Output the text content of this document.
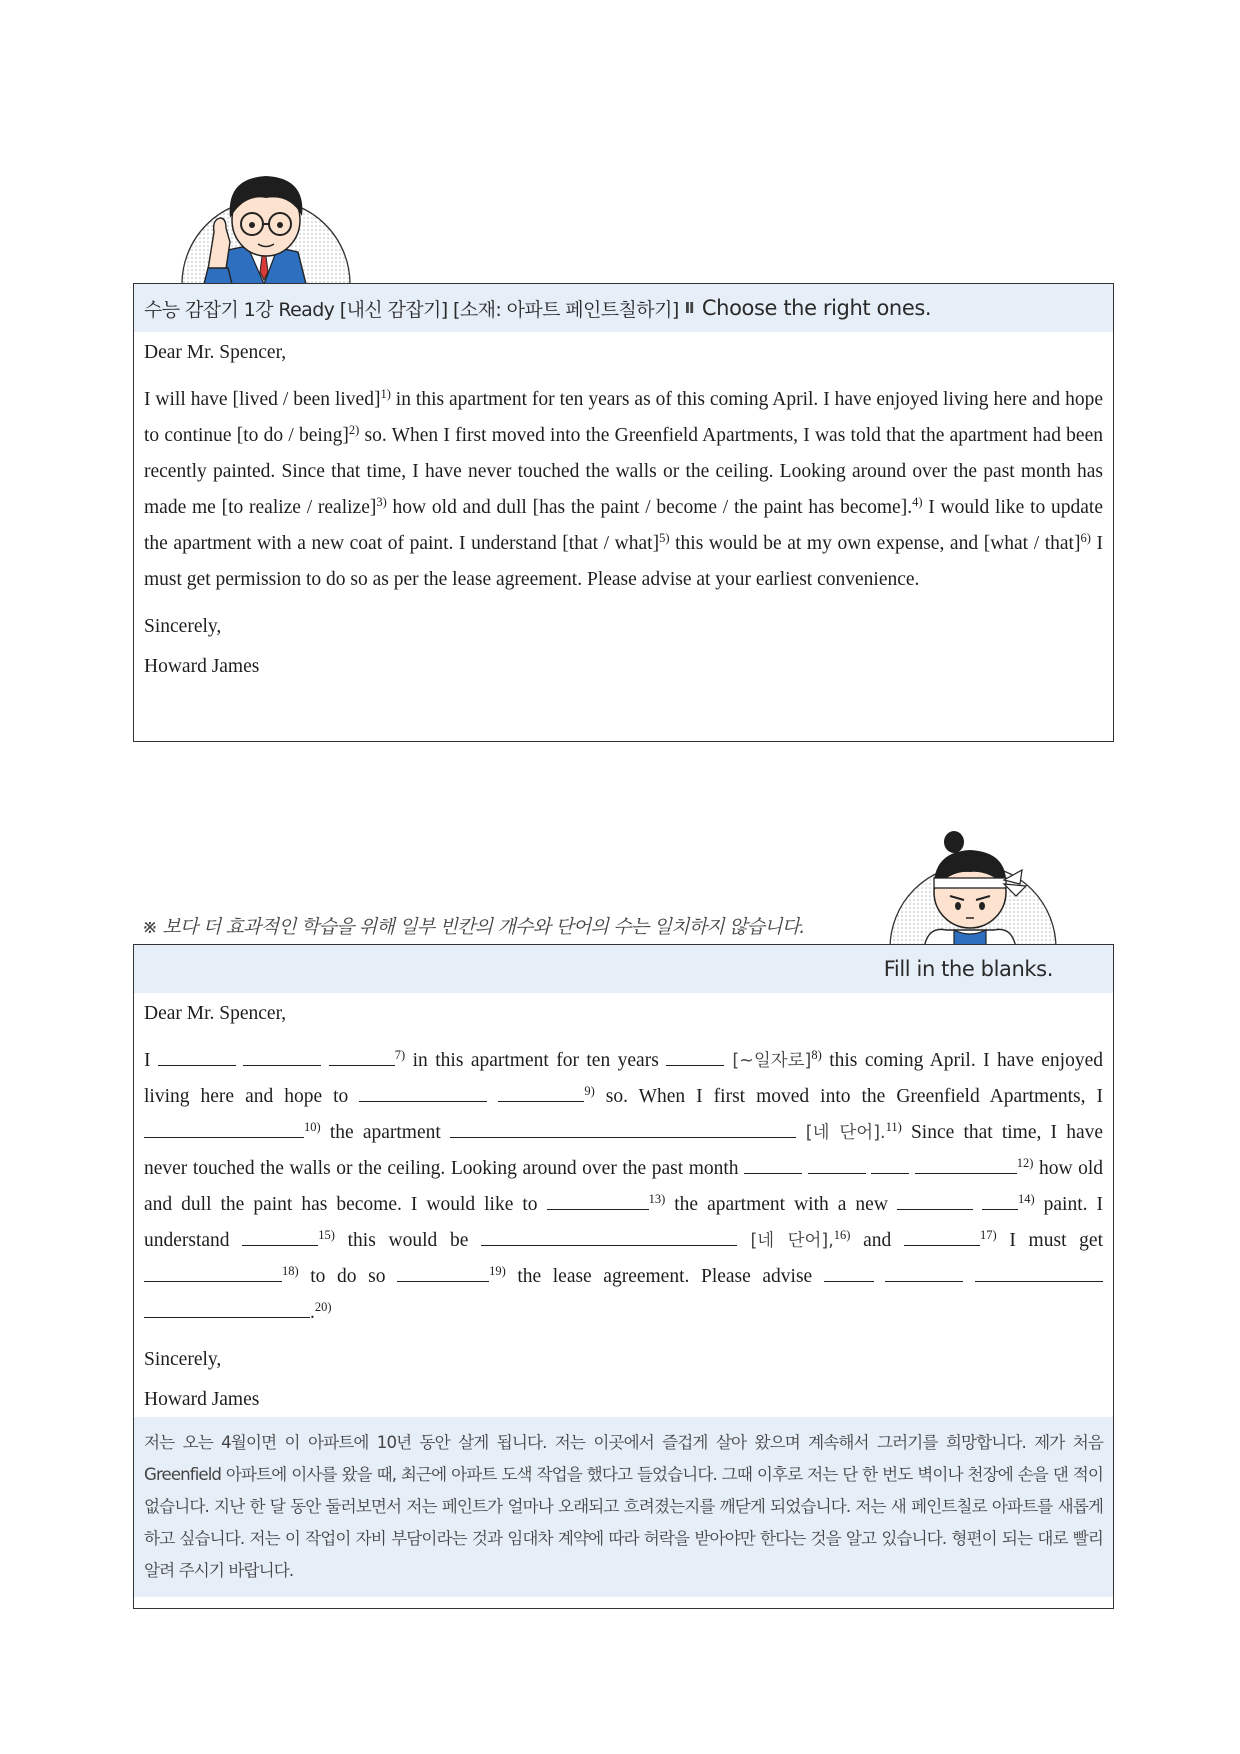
수능 감잡기 1강 Ready [내신 감잡기] [소재: 아파트 페인트칠하기] Ⅱ Choose the right ones.

Dear Mr. Spencer,

I will have [lived / been lived]$^{1)}$ in this apartment for ten years as of this coming April. I have enjoyed living here and hope to continue [to do / being]$^{2)}$ so. When I first moved into the Greenfield Apartments, I was told that the apartment had been recently painted. Since that time, I have never touched the walls or the ceiling. Looking around over the past month has made me [to realize / realize]$^{3)}$ how old and dull [has the paint / become / the paint has become].$^{4)}$ I would like to update the apartment with a new coat of paint. I understand [that / what]$^{5)}$ this would be at my own expense, and [what / that]$^{6)}$ I must get permission to do so as per the lease agreement. Please advise at your earliest convenience.

Sincerely,

Howard James

※ 보다 더 효과적인 학습을 위해 일부 빈칸의 개수와 단어의 수는 일치하지 않습니다.
Fill in the blanks.

Dear Mr. Spencer,

I	$^{7)}$ in this apartment for ten years	[~일자로]$^{8)}$ this coming April. I have enjoyed living here and hope to	$^{9)}$ so. When I first moved into the Greenfield Apartments, I $^{10)}$ the apartment	[네 단어].$^{11)}$ Since that time, I have never touched the walls or the ceiling. Looking around over the past month	$^{12)}$ how old and dull the paint has become. I would like to	$^{13)}$ the apartment with a new	$^{14)}$ paint. I understand	$^{15)}$ this would be	[네 단어],$^{16)}$ and	$^{17)}$ I must get $^{18)}$ to do so	$^{19)}$ the lease agreement. Please advise    .$^{20)}$

Sincerely,

Howard James

저는 오는 4월이면 이 아파트에 10년 동안 살게 됩니다. 저는 이곳에서 즐겁게 살아 왔으며 계속해서 그러기를 희망합니다. 제가 처음 Greenfield 아파트에 이사를 왔을 때, 최근에 아파트 도색 작업을 했다고 들었습니다. 그때 이후로 저는 단 한 번도 벽이나 천장에 손을 댄 적이 없습니다. 지난 한 달 동안 둘러보면서 저는 페인트가 얼마나 오래되고 흐려졌는지를 깨닫게 되었습니다. 저는 새 페인트칠로 아파트를 새롭게 하고 싶습니다. 저는 이 작업이 자비 부담이라는 것과 임대차 계약에 따라 허락을 받아야만 한다는 것을 알고 있습니다. 형편이 되는 대로 빨리 알려 주시기 바랍니다.
